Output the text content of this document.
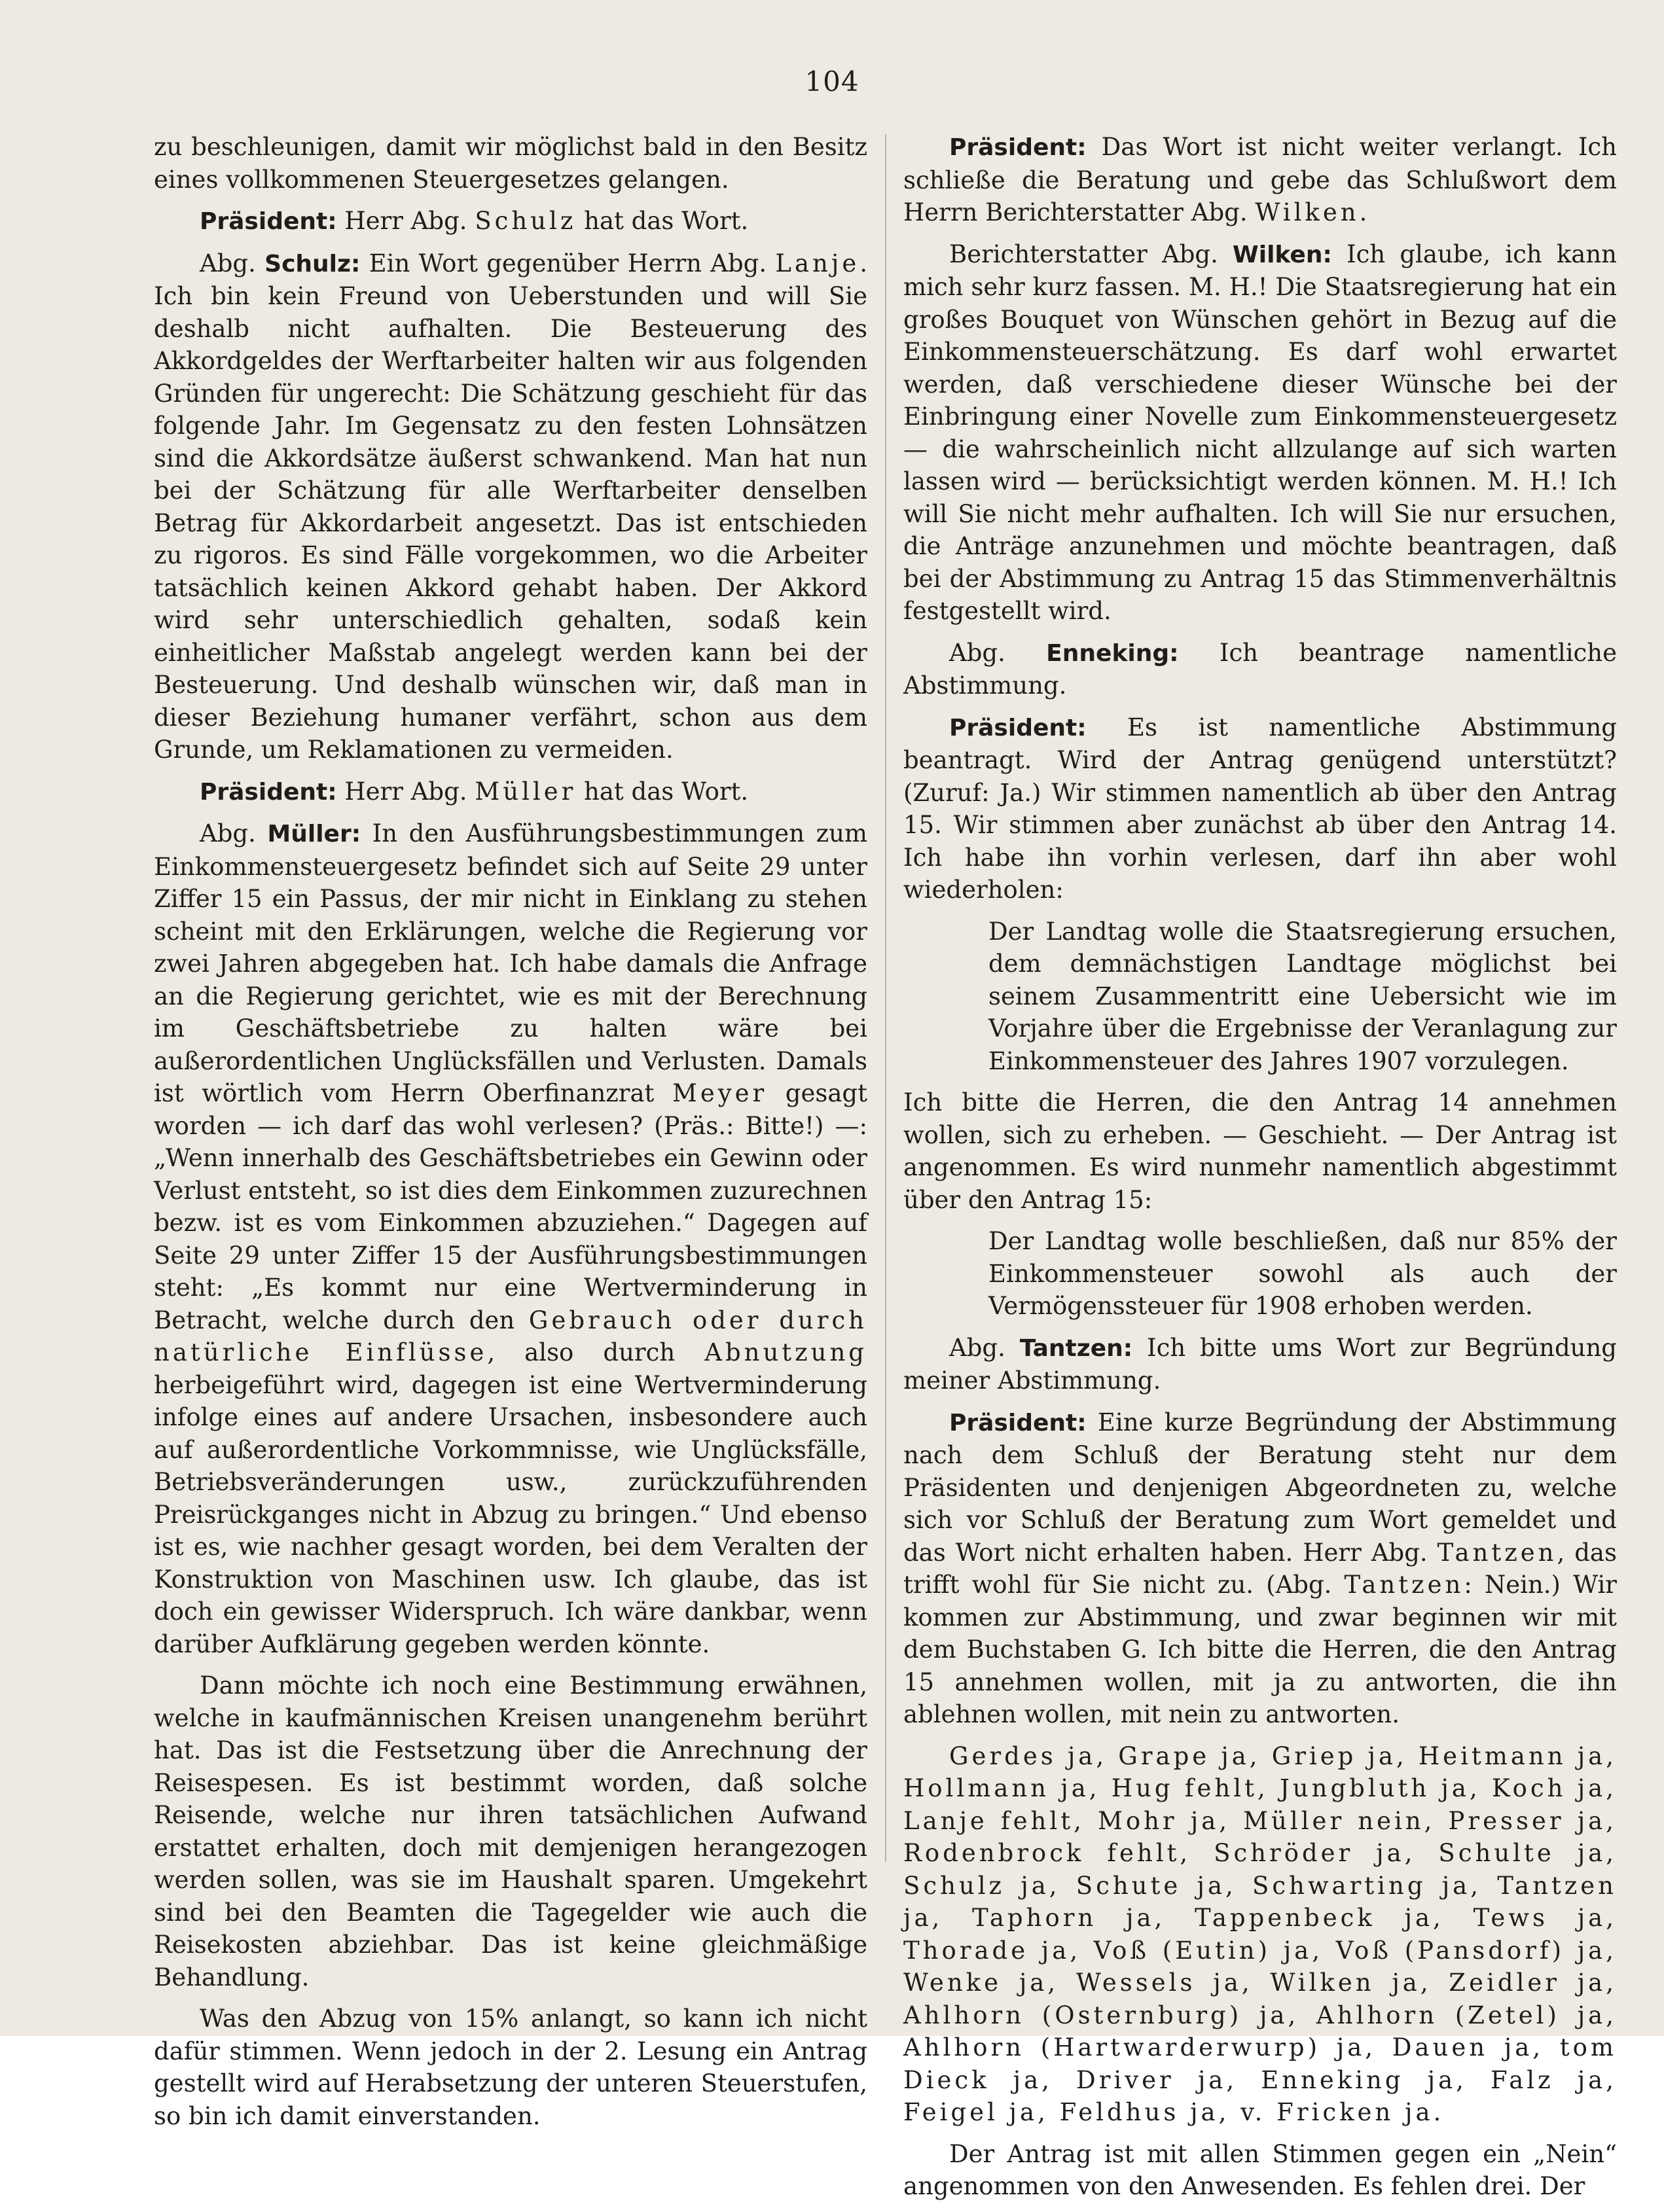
104

zu beschleunigen, damit wir möglichst bald in den Besitz eines vollkommenen Steuergesetzes gelangen.

Präsident: Herr Abg. Schulz hat das Wort.

Abg. Schulz: Ein Wort gegenüber Herrn Abg. Lanje. Ich bin kein Freund von Ueberstunden und will Sie deshalb nicht aufhalten. Die Besteuerung des Akkordgeldes der Werftarbeiter halten wir aus folgenden Gründen für ungerecht: Die Schätzung geschieht für das folgende Jahr. Im Gegensatz zu den festen Lohnsätzen sind die Akkordsätze äußerst schwankend. Man hat nun bei der Schätzung für alle Werftarbeiter denselben Betrag für Akkordarbeit angesetzt. Das ist entschieden zu rigoros. Es sind Fälle vorgekommen, wo die Arbeiter tatsächlich keinen Akkord gehabt haben. Der Akkord wird sehr unterschiedlich gehalten, sodaß kein einheitlicher Maßstab angelegt werden kann bei der Besteuerung. Und deshalb wünschen wir, daß man in dieser Beziehung humaner verfährt, schon aus dem Grunde, um Reklamationen zu vermeiden.

Präsident: Herr Abg. Müller hat das Wort.

Abg. Müller: In den Ausführungsbestimmungen zum Einkommensteuergesetz befindet sich auf Seite 29 unter Ziffer 15 ein Passus, der mir nicht in Einklang zu stehen scheint mit den Erklärungen, welche die Regierung vor zwei Jahren abgegeben hat. Ich habe damals die Anfrage an die Regierung gerichtet, wie es mit der Berechnung im Geschäftsbetriebe zu halten wäre bei außerordentlichen Unglücksfällen und Verlusten. Damals ist wörtlich vom Herrn Oberfinanzrat Meyer gesagt worden — ich darf das wohl verlesen? (Präs.: Bitte!) —: „Wenn innerhalb des Geschäftsbetriebes ein Gewinn oder Verlust entsteht, so ist dies dem Einkommen zuzurechnen bezw. ist es vom Einkommen abzuziehen.“ Dagegen auf Seite 29 unter Ziffer 15 der Ausführungsbestimmungen steht: „Es kommt nur eine Wertverminderung in Betracht, welche durch den Gebrauch oder durch natürliche Einflüsse, also durch Abnutzung herbeigeführt wird, dagegen ist eine Wertverminderung infolge eines auf andere Ursachen, insbesondere auch auf außerordentliche Vorkommnisse, wie Unglücksfälle, Betriebsveränderungen usw., zurückzuführenden Preisrückganges nicht in Abzug zu bringen.“ Und ebenso ist es, wie nachher gesagt worden, bei dem Veralten der Konstruktion von Maschinen usw. Ich glaube, das ist doch ein gewisser Widerspruch. Ich wäre dankbar, wenn darüber Aufklärung gegeben werden könnte.

Dann möchte ich noch eine Bestimmung erwähnen, welche in kaufmännischen Kreisen unangenehm berührt hat. Das ist die Festsetzung über die Anrechnung der Reisespesen. Es ist bestimmt worden, daß solche Reisende, welche nur ihren tatsächlichen Aufwand erstattet erhalten, doch mit demjenigen herangezogen werden sollen, was sie im Haushalt sparen. Umgekehrt sind bei den Beamten die Tagegelder wie auch die Reisekosten abziehbar. Das ist keine gleichmäßige Behandlung.

Was den Abzug von 15% anlangt, so kann ich nicht dafür stimmen. Wenn jedoch in der 2. Lesung ein Antrag gestellt wird auf Herabsetzung der unteren Steuerstufen, so bin ich damit einverstanden.

Präsident: Das Wort ist nicht weiter verlangt. Ich schließe die Beratung und gebe das Schlußwort dem Herrn Berichterstatter Abg. Wilken.

Berichterstatter Abg. Wilken: Ich glaube, ich kann mich sehr kurz fassen. M. H.! Die Staatsregierung hat ein großes Bouquet von Wünschen gehört in Bezug auf die Einkommensteuerschätzung. Es darf wohl erwartet werden, daß verschiedene dieser Wünsche bei der Einbringung einer Novelle zum Einkommensteuergesetz — die wahrscheinlich nicht allzulange auf sich warten lassen wird — berücksichtigt werden können. M. H.! Ich will Sie nicht mehr aufhalten. Ich will Sie nur ersuchen, die Anträge anzunehmen und möchte beantragen, daß bei der Abstimmung zu Antrag 15 das Stimmenverhältnis festgestellt wird.

Abg. Enneking: Ich beantrage namentliche Abstimmung.

Präsident: Es ist namentliche Abstimmung beantragt. Wird der Antrag genügend unterstützt? (Zuruf: Ja.) Wir stimmen namentlich ab über den Antrag 15. Wir stimmen aber zunächst ab über den Antrag 14. Ich habe ihn vorhin verlesen, darf ihn aber wohl wiederholen:

Der Landtag wolle die Staatsregierung ersuchen, dem demnächstigen Landtage möglichst bei seinem Zusammentritt eine Uebersicht wie im Vorjahre über die Ergebnisse der Veranlagung zur Einkommensteuer des Jahres 1907 vorzulegen.

Ich bitte die Herren, die den Antrag 14 annehmen wollen, sich zu erheben. — Geschieht. — Der Antrag ist angenommen. Es wird nunmehr namentlich abgestimmt über den Antrag 15:

Der Landtag wolle beschließen, daß nur 85% der Einkommensteuer sowohl als auch der Vermögenssteuer für 1908 erhoben werden.

Abg. Tantzen: Ich bitte ums Wort zur Begründung meiner Abstimmung.

Präsident: Eine kurze Begründung der Abstimmung nach dem Schluß der Beratung steht nur dem Präsidenten und denjenigen Abgeordneten zu, welche sich vor Schluß der Beratung zum Wort gemeldet und das Wort nicht erhalten haben. Herr Abg. Tantzen, das trifft wohl für Sie nicht zu. (Abg. Tantzen: Nein.) Wir kommen zur Abstimmung, und zwar beginnen wir mit dem Buchstaben G. Ich bitte die Herren, die den Antrag 15 annehmen wollen, mit ja zu antworten, die ihn ablehnen wollen, mit nein zu antworten.

Gerdes ja, Grape ja, Griep ja, Heitmann ja, Hollmann ja, Hug fehlt, Jungbluth ja, Koch ja, Lanje fehlt, Mohr ja, Müller nein, Presser ja, Rodenbrock fehlt, Schröder ja, Schulte ja, Schulz ja, Schute ja, Schwarting ja, Tantzen ja, Taphorn ja, Tappenbeck ja, Tews ja, Thorade ja, Voß (Eutin) ja, Voß (Pansdorf) ja, Wenke ja, Wessels ja, Wilken ja, Zeidler ja, Ahlhorn (Osternburg) ja, Ahlhorn (Zetel) ja, Ahlhorn (Hartwarderwurp) ja, Dauen ja, tom Dieck ja, Driver ja, Enneking ja, Falz ja, Feigel ja, Feldhus ja, v. Fricken ja.

Der Antrag ist mit allen Stimmen gegen ein „Nein“ angenommen von den Anwesenden. Es fehlen drei. Der
